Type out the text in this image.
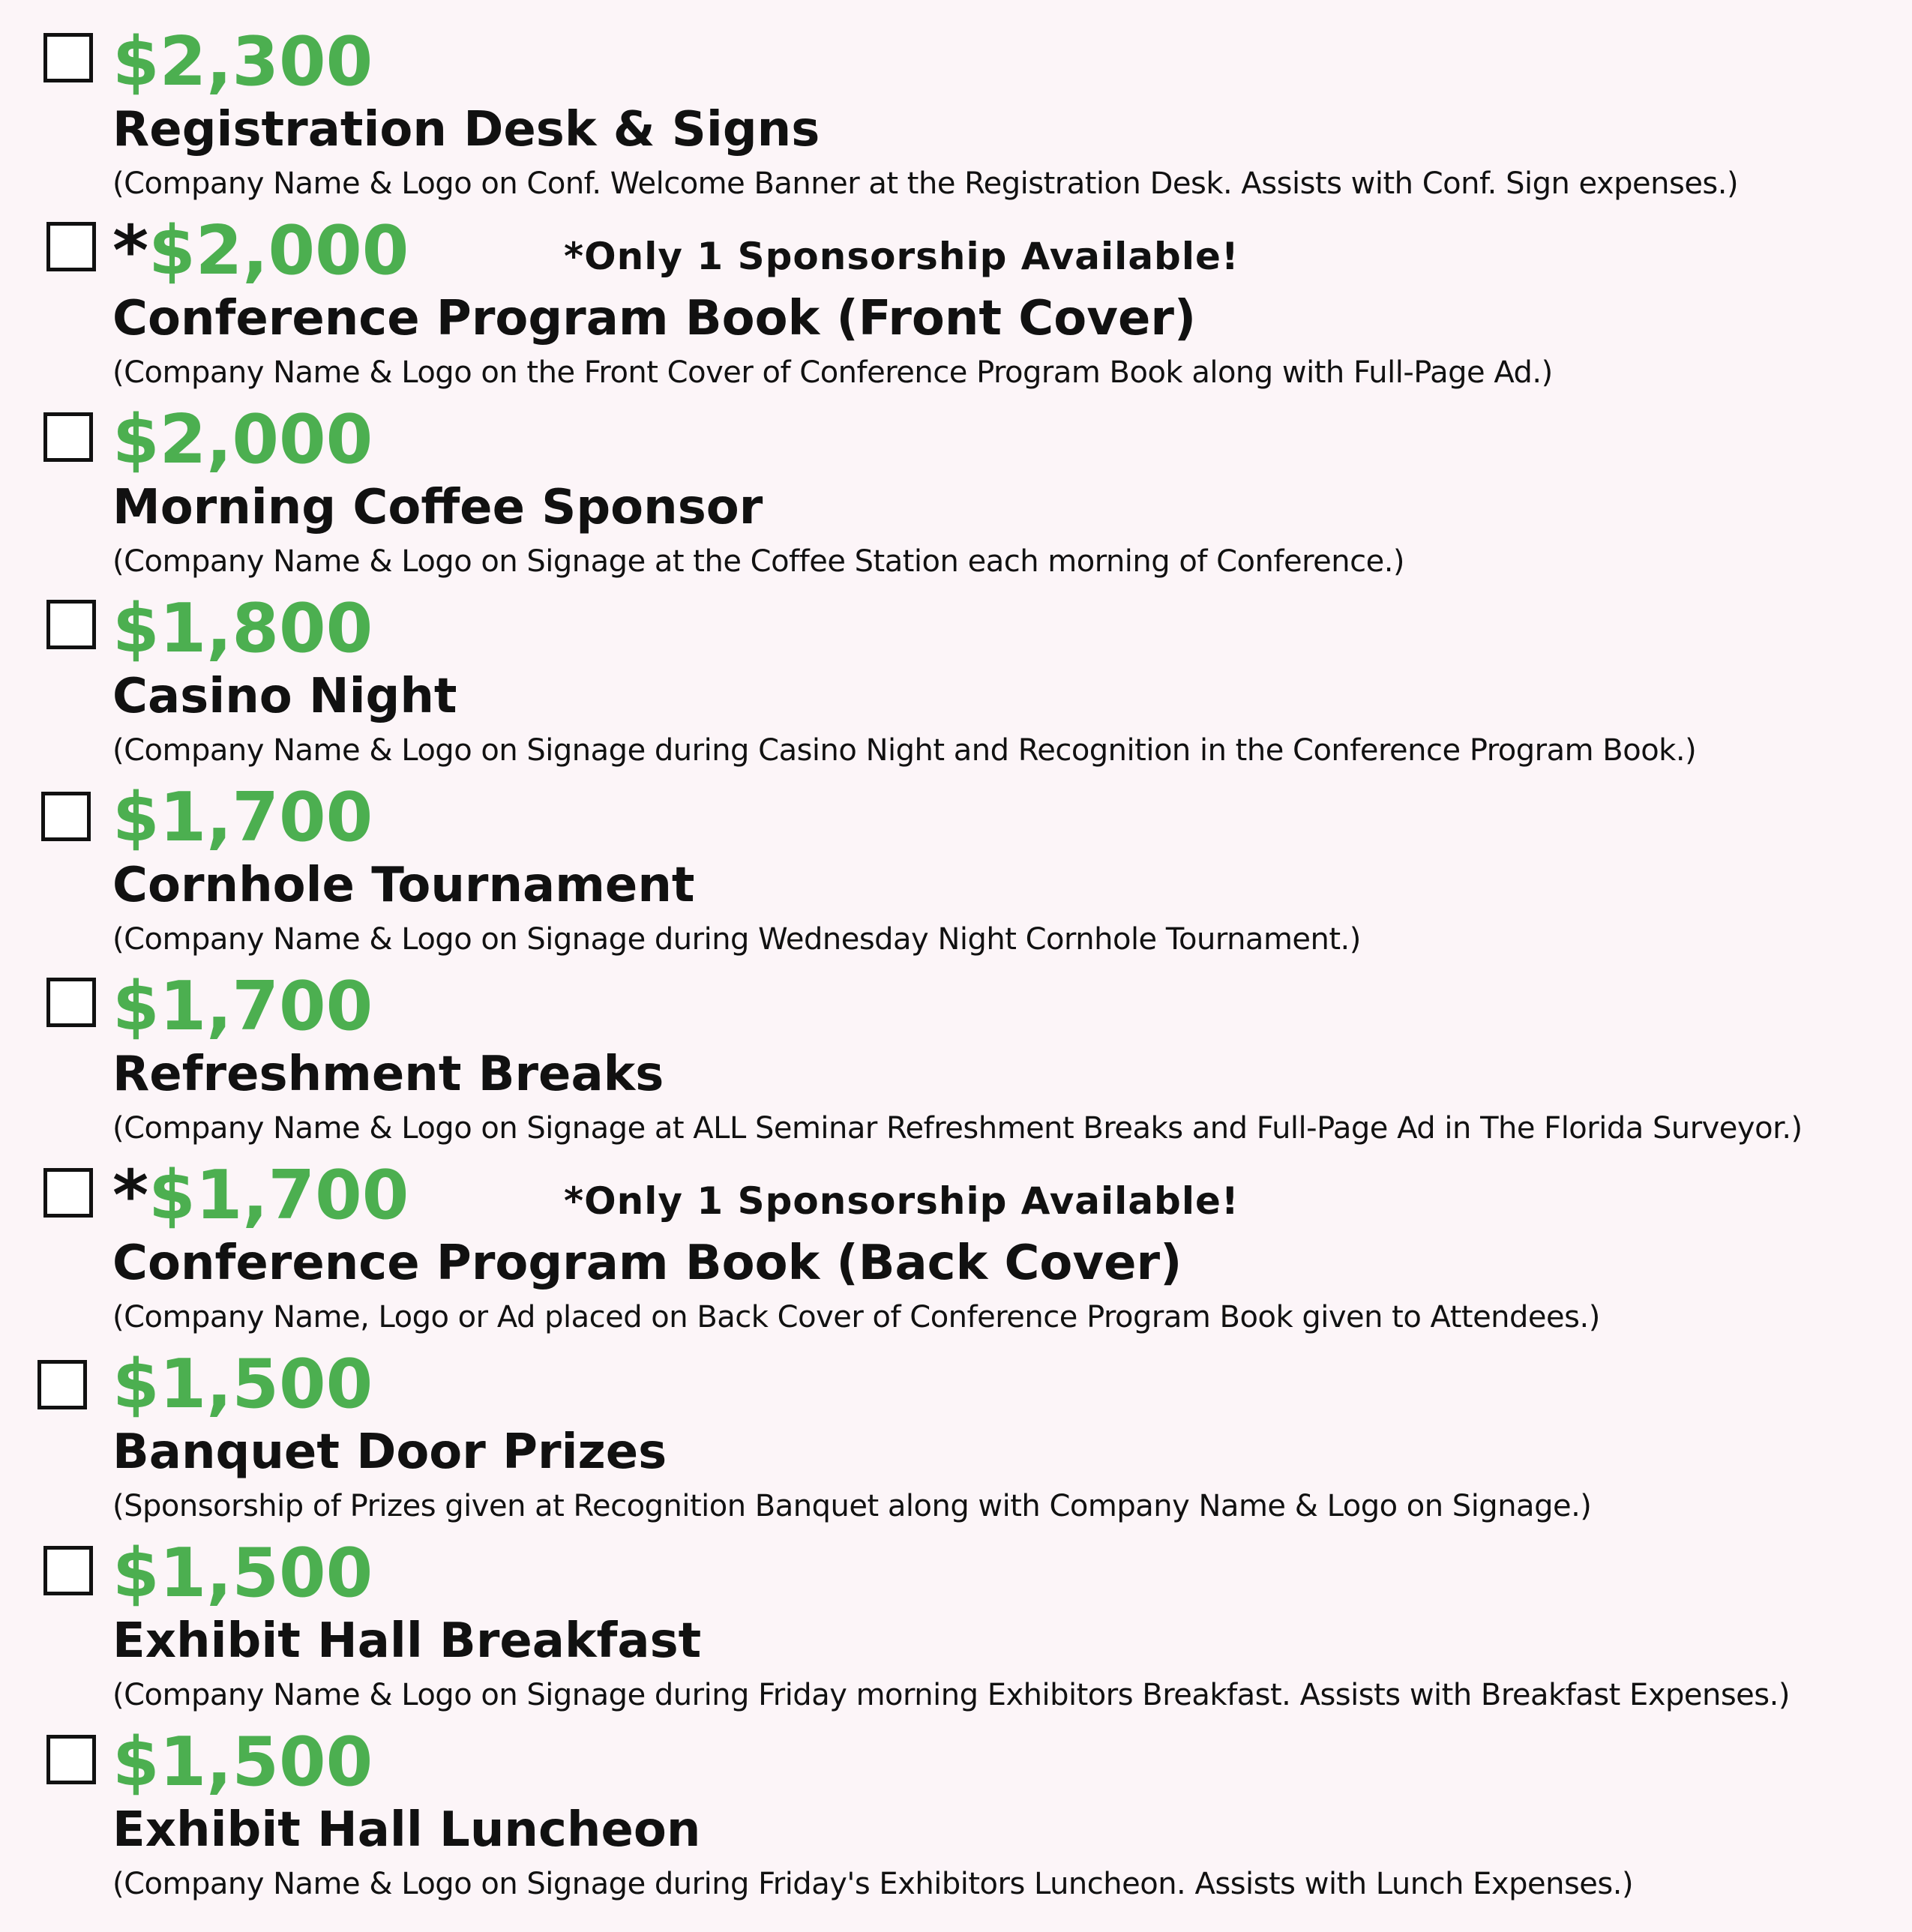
$2,300
Registration Desk & Signs
(Company Name & Logo on Conf. Welcome Banner at the Registration Desk. Assists with Conf. Sign expenses.)
*$2,000	*Only 1 Sponsorship Available!
Conference Program Book (Front Cover)
(Company Name & Logo on the Front Cover of Conference Program Book along with Full-Page Ad.)
$2,000
Morning Coffee Sponsor
(Company Name & Logo on Signage at the Coffee Station each morning of Conference.)
$1,800
Casino Night
(Company Name & Logo on Signage during Casino Night and Recognition in the Conference Program Book.)
$1,700
Cornhole Tournament
(Company Name & Logo on Signage during Wednesday Night Cornhole Tournament.)
$1,700
Refreshment Breaks
(Company Name & Logo on Signage at ALL Seminar Refreshment Breaks and Full-Page Ad in The Florida Surveyor.)
*$1,700	*Only 1 Sponsorship Available!
Conference Program Book (Back Cover)
(Company Name, Logo or Ad placed on Back Cover of Conference Program Book given to Attendees.)
$1,500
Banquet Door Prizes
(Sponsorship of Prizes given at Recognition Banquet along with Company Name & Logo on Signage.)
$1,500
Exhibit Hall Breakfast
(Company Name & Logo on Signage during Friday morning Exhibitors Breakfast. Assists with Breakfast Expenses.)
$1,500
Exhibit Hall Luncheon
(Company Name & Logo on Signage during Friday's Exhibitors Luncheon. Assists with Lunch Expenses.)
